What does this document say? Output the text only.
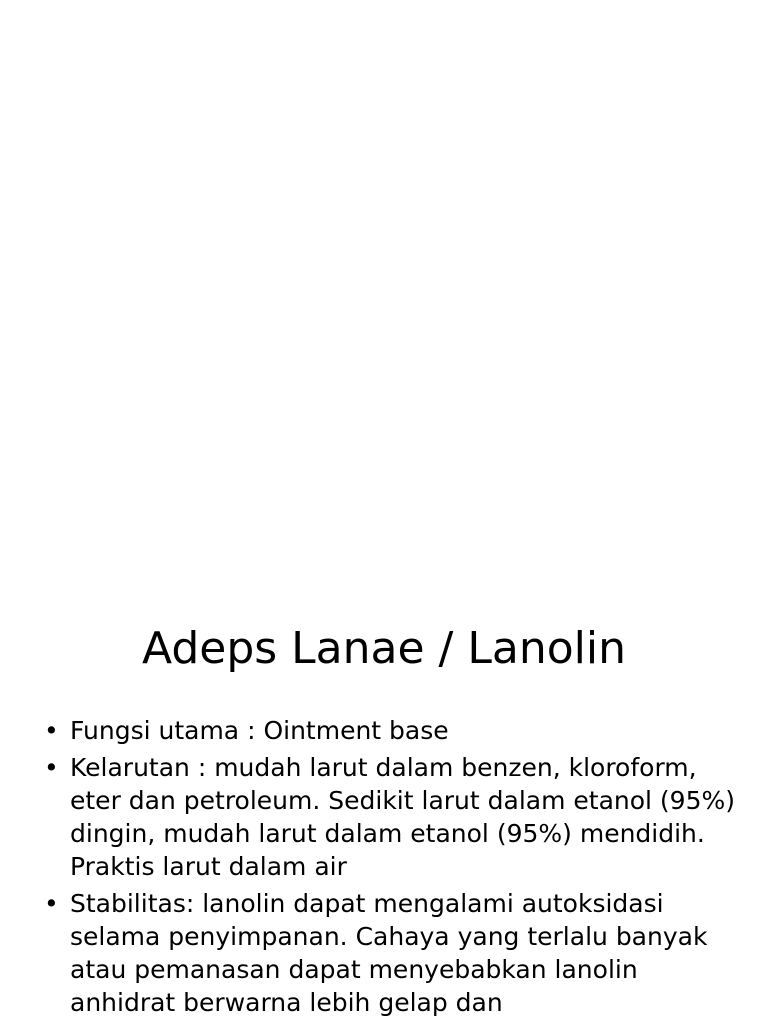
Adeps Lanae / Lanolin
• Fungsi utama : Ointment base
• Kelarutan : mudah larut dalam benzen, kloroform, eter dan petroleum. Sedikit larut dalam etanol (95%) dingin, mudah larut dalam etanol (95%) mendidih. Praktis larut dalam air
• Stabilitas: lanolin dapat mengalami autoksidasi selama penyimpanan. Cahaya yang terlalu banyak atau pemanasan dapat menyebabkan lanolin anhidrat berwarna lebih gelap dan
